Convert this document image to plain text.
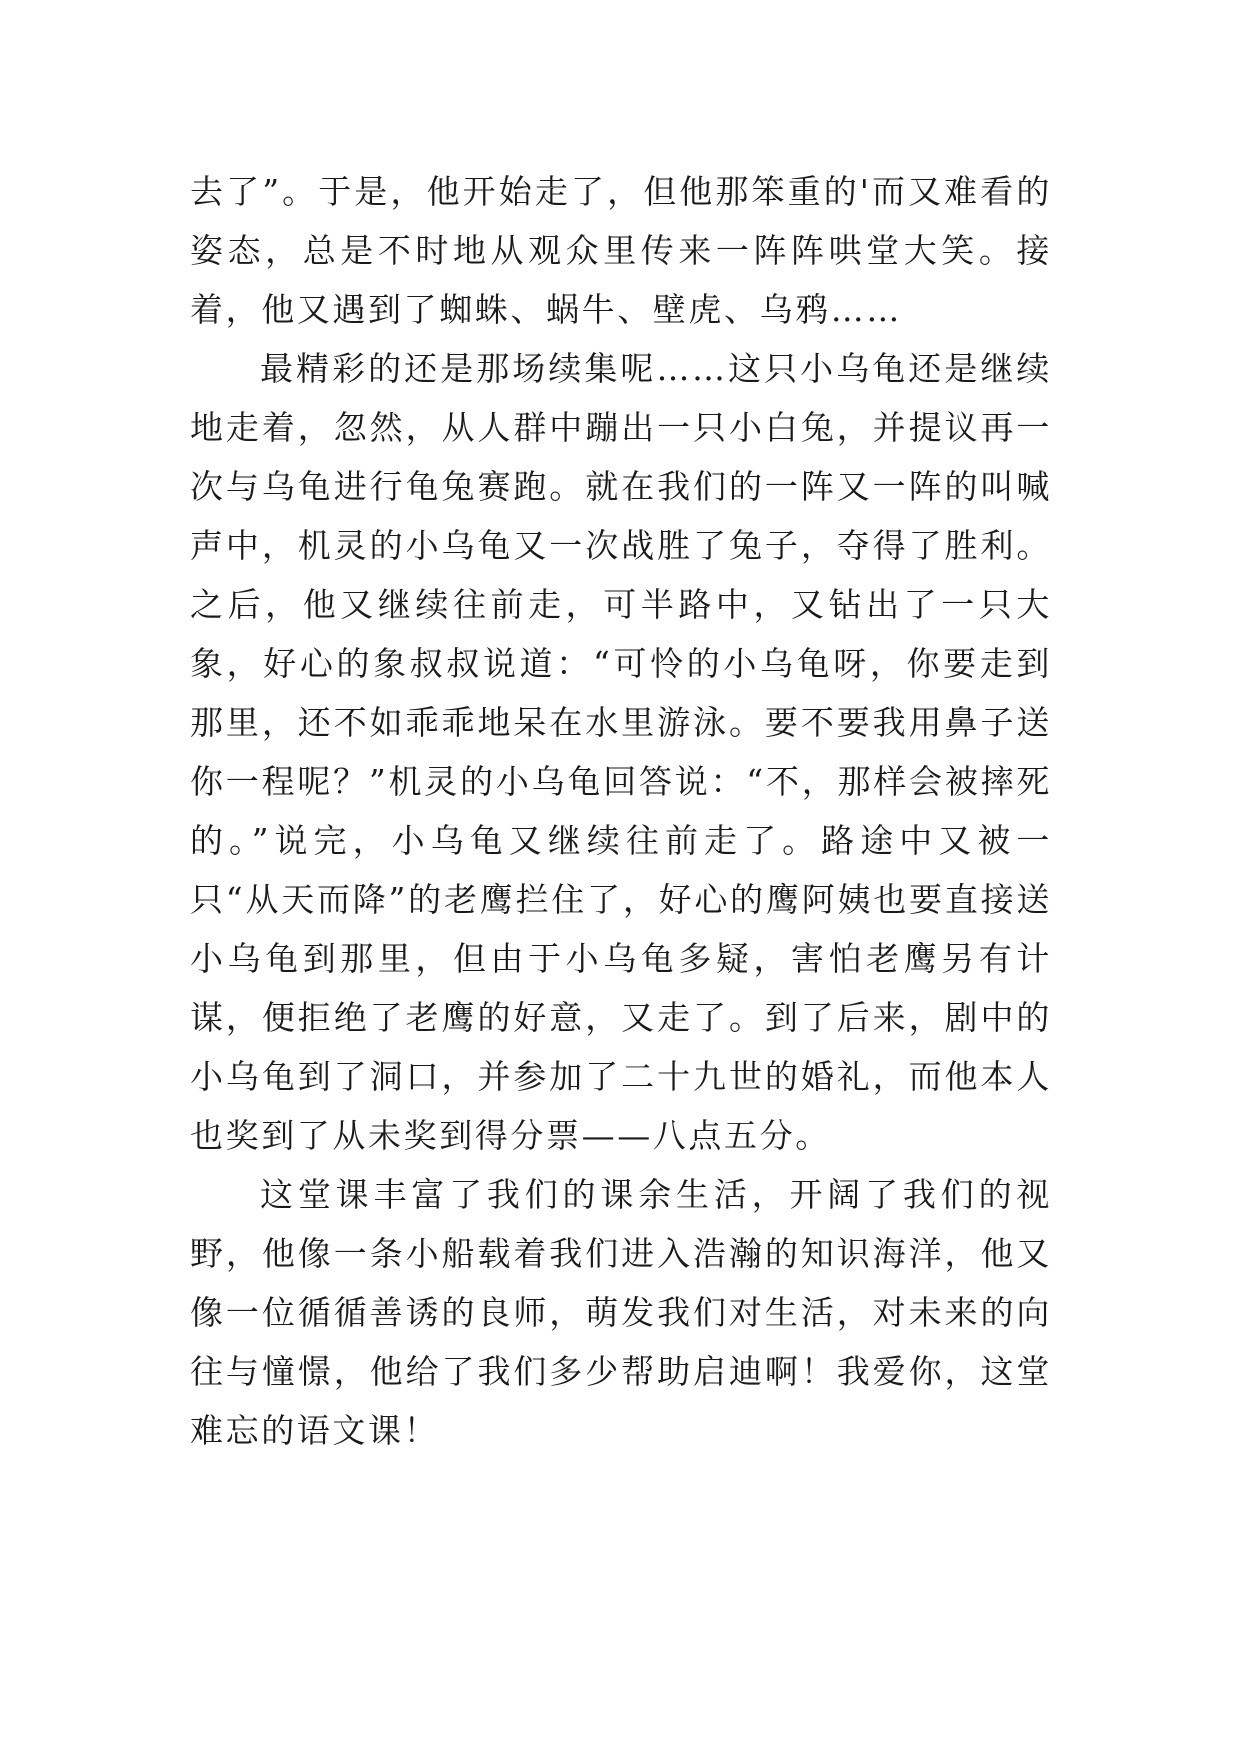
去了”。于是，他开始走了，但他那笨重的'而又难看的姿态，总是不时地从观众里传来一阵阵哄堂大笑。接着，他又遇到了蜘蛛、蜗牛、壁虎、乌鸦……

最精彩的还是那场续集呢……这只小乌龟还是继续地走着，忽然，从人群中蹦出一只小白兔，并提议再一次与乌龟进行龟兔赛跑。就在我们的一阵又一阵的叫喊声中，机灵的小乌龟又一次战胜了兔子，夺得了胜利。之后，他又继续往前走，可半路中，又钻出了一只大象，好心的象叔叔说道：“可怜的小乌龟呀，你要走到那里，还不如乖乖地呆在水里游泳。要不要我用鼻子送你一程呢？”机灵的小乌龟回答说：“不，那样会被摔死的。”说完，小乌龟又继续往前走了。路途中又被一只“从天而降”的老鹰拦住了，好心的鹰阿姨也要直接送小乌龟到那里，但由于小乌龟多疑，害怕老鹰另有计谋，便拒绝了老鹰的好意，又走了。到了后来，剧中的小乌龟到了洞口，并参加了二十九世的婚礼，而他本人也奖到了从未奖到得分票——八点五分。

这堂课丰富了我们的课余生活，开阔了我们的视野，他像一条小船载着我们进入浩瀚的知识海洋，他又像一位循循善诱的良师，萌发我们对生活，对未来的向往与憧憬，他给了我们多少帮助启迪啊！我爱你，这堂难忘的语文课！
